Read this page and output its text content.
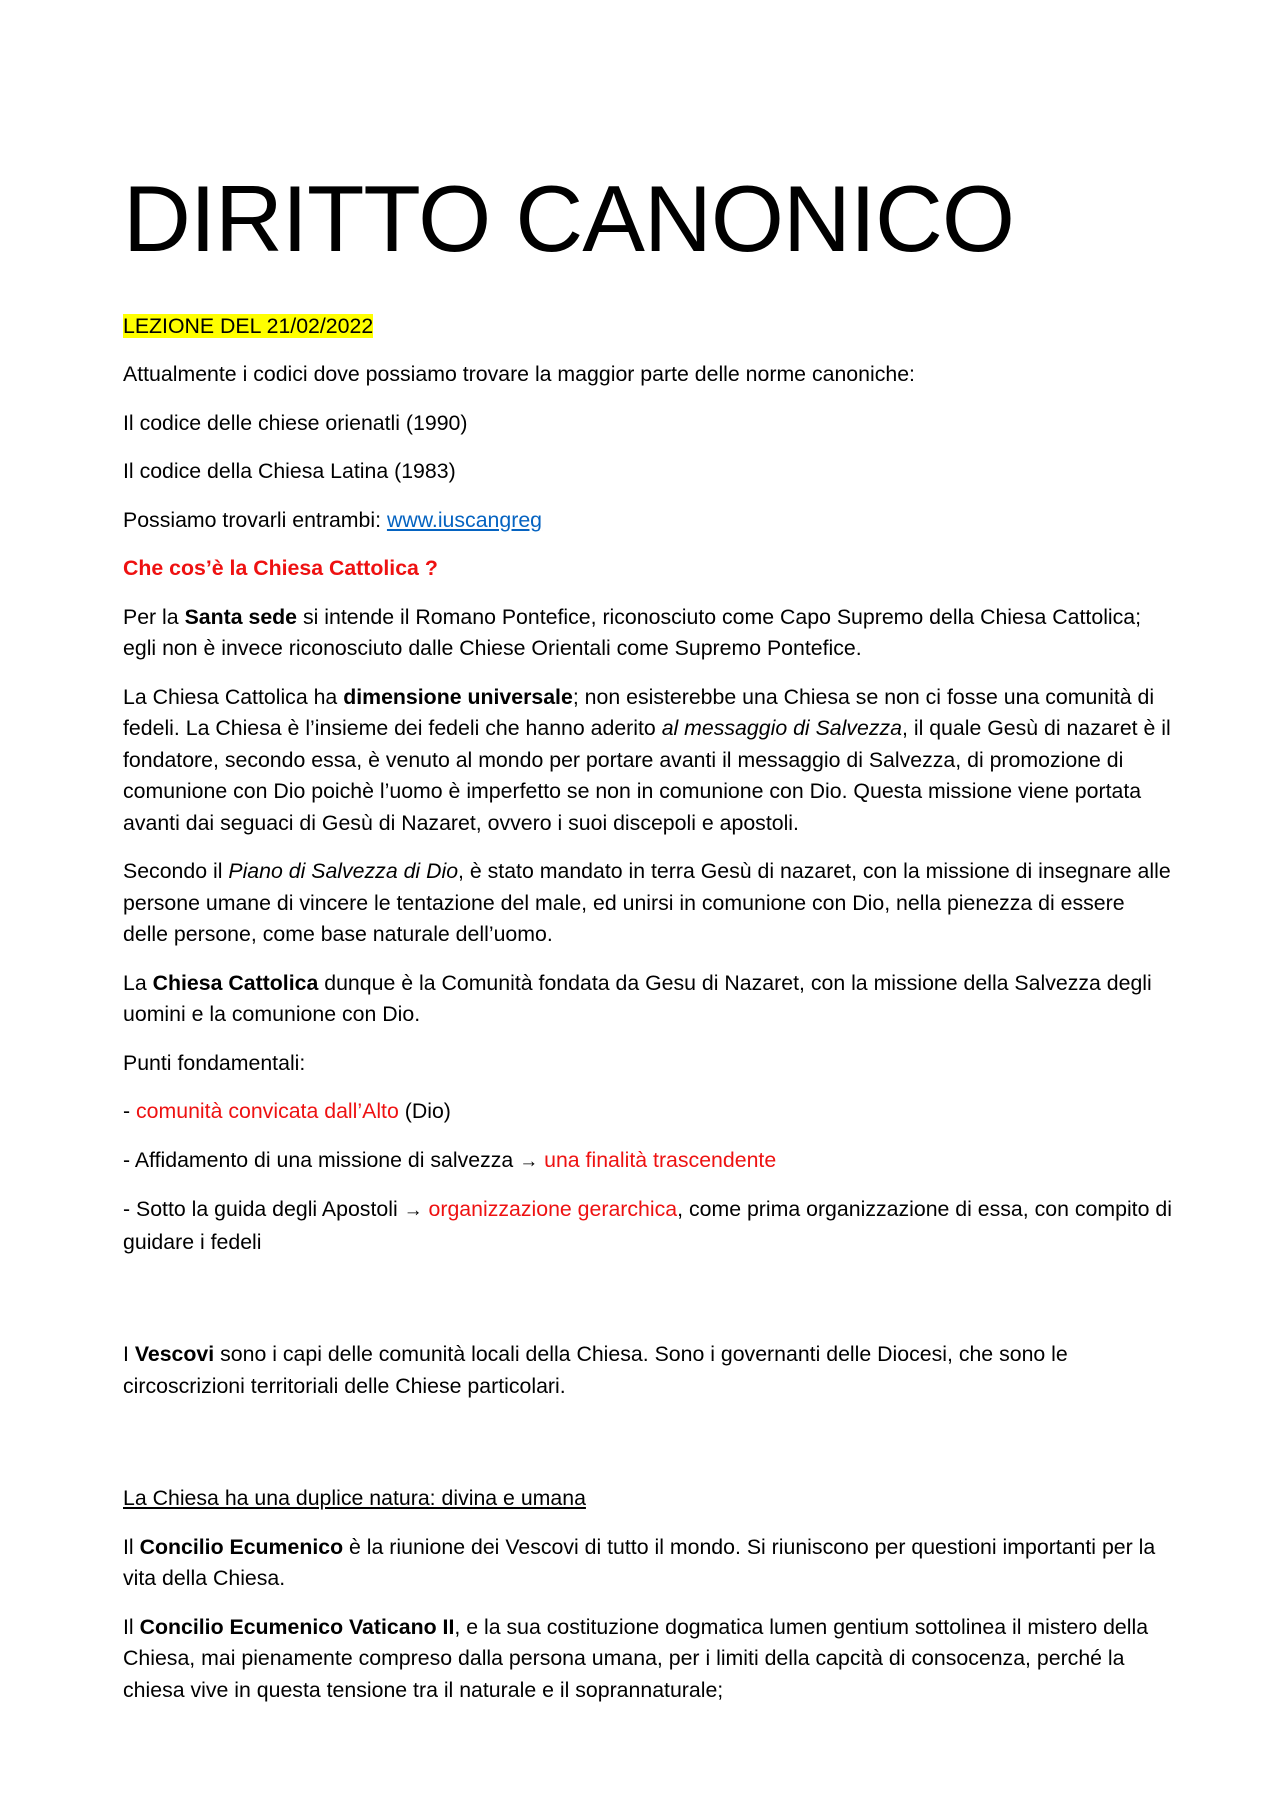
DIRITTO CANONICO

LEZIONE DEL 21/02/2022

Attualmente i codici dove possiamo trovare la maggior parte delle norme canoniche:

Il codice delle chiese orienatli (1990)

Il codice della Chiesa Latina (1983)

Possiamo trovarli entrambi: www.iuscangreg

Che cos’è la Chiesa Cattolica ?

Per la Santa sede si intende il Romano Pontefice, riconosciuto come Capo Supremo della Chiesa Cattolica; egli non è invece riconosciuto dalle Chiese Orientali come Supremo Pontefice.

La Chiesa Cattolica ha dimensione universale; non esisterebbe una Chiesa se non ci fosse una comunità di fedeli. La Chiesa è l’insieme dei fedeli che hanno aderito al messaggio di Salvezza, il quale Gesù di nazaret è il fondatore, secondo essa, è venuto al mondo per portare avanti il messaggio di Salvezza, di promozione di comunione con Dio poichè l’uomo è imperfetto se non in comunione con Dio. Questa missione viene portata avanti dai seguaci di Gesù di Nazaret, ovvero i suoi discepoli e apostoli.

Secondo il Piano di Salvezza di Dio, è stato mandato in terra Gesù di nazaret, con la missione di insegnare alle persone umane di vincere le tentazione del male, ed unirsi in comunione con Dio, nella pienezza di essere delle persone, come base naturale dell’uomo.

La Chiesa Cattolica dunque è la Comunità fondata da Gesu di Nazaret, con la missione della Salvezza degli uomini e la comunione con Dio.

Punti fondamentali:

- comunità convicata dall’Alto (Dio)

- Affidamento di una missione di salvezza → una finalità trascendente

- Sotto la guida degli Apostoli → organizzazione gerarchica, come prima organizzazione di essa, con compito di guidare i fedeli

I Vescovi sono i capi delle comunità locali della Chiesa. Sono i governanti delle Diocesi, che sono le circoscrizioni territoriali delle Chiese particolari.

La Chiesa ha una duplice natura: divina e umana

Il Concilio Ecumenico è la riunione dei Vescovi di tutto il mondo. Si riuniscono per questioni importanti per la vita della Chiesa.

Il Concilio Ecumenico Vaticano II, e la sua costituzione dogmatica lumen gentium sottolinea il mistero della Chiesa, mai pienamente compreso dalla persona umana, per i limiti della capcità di consocenza, perché la chiesa vive in questa tensione tra il naturale e il soprannaturale;
